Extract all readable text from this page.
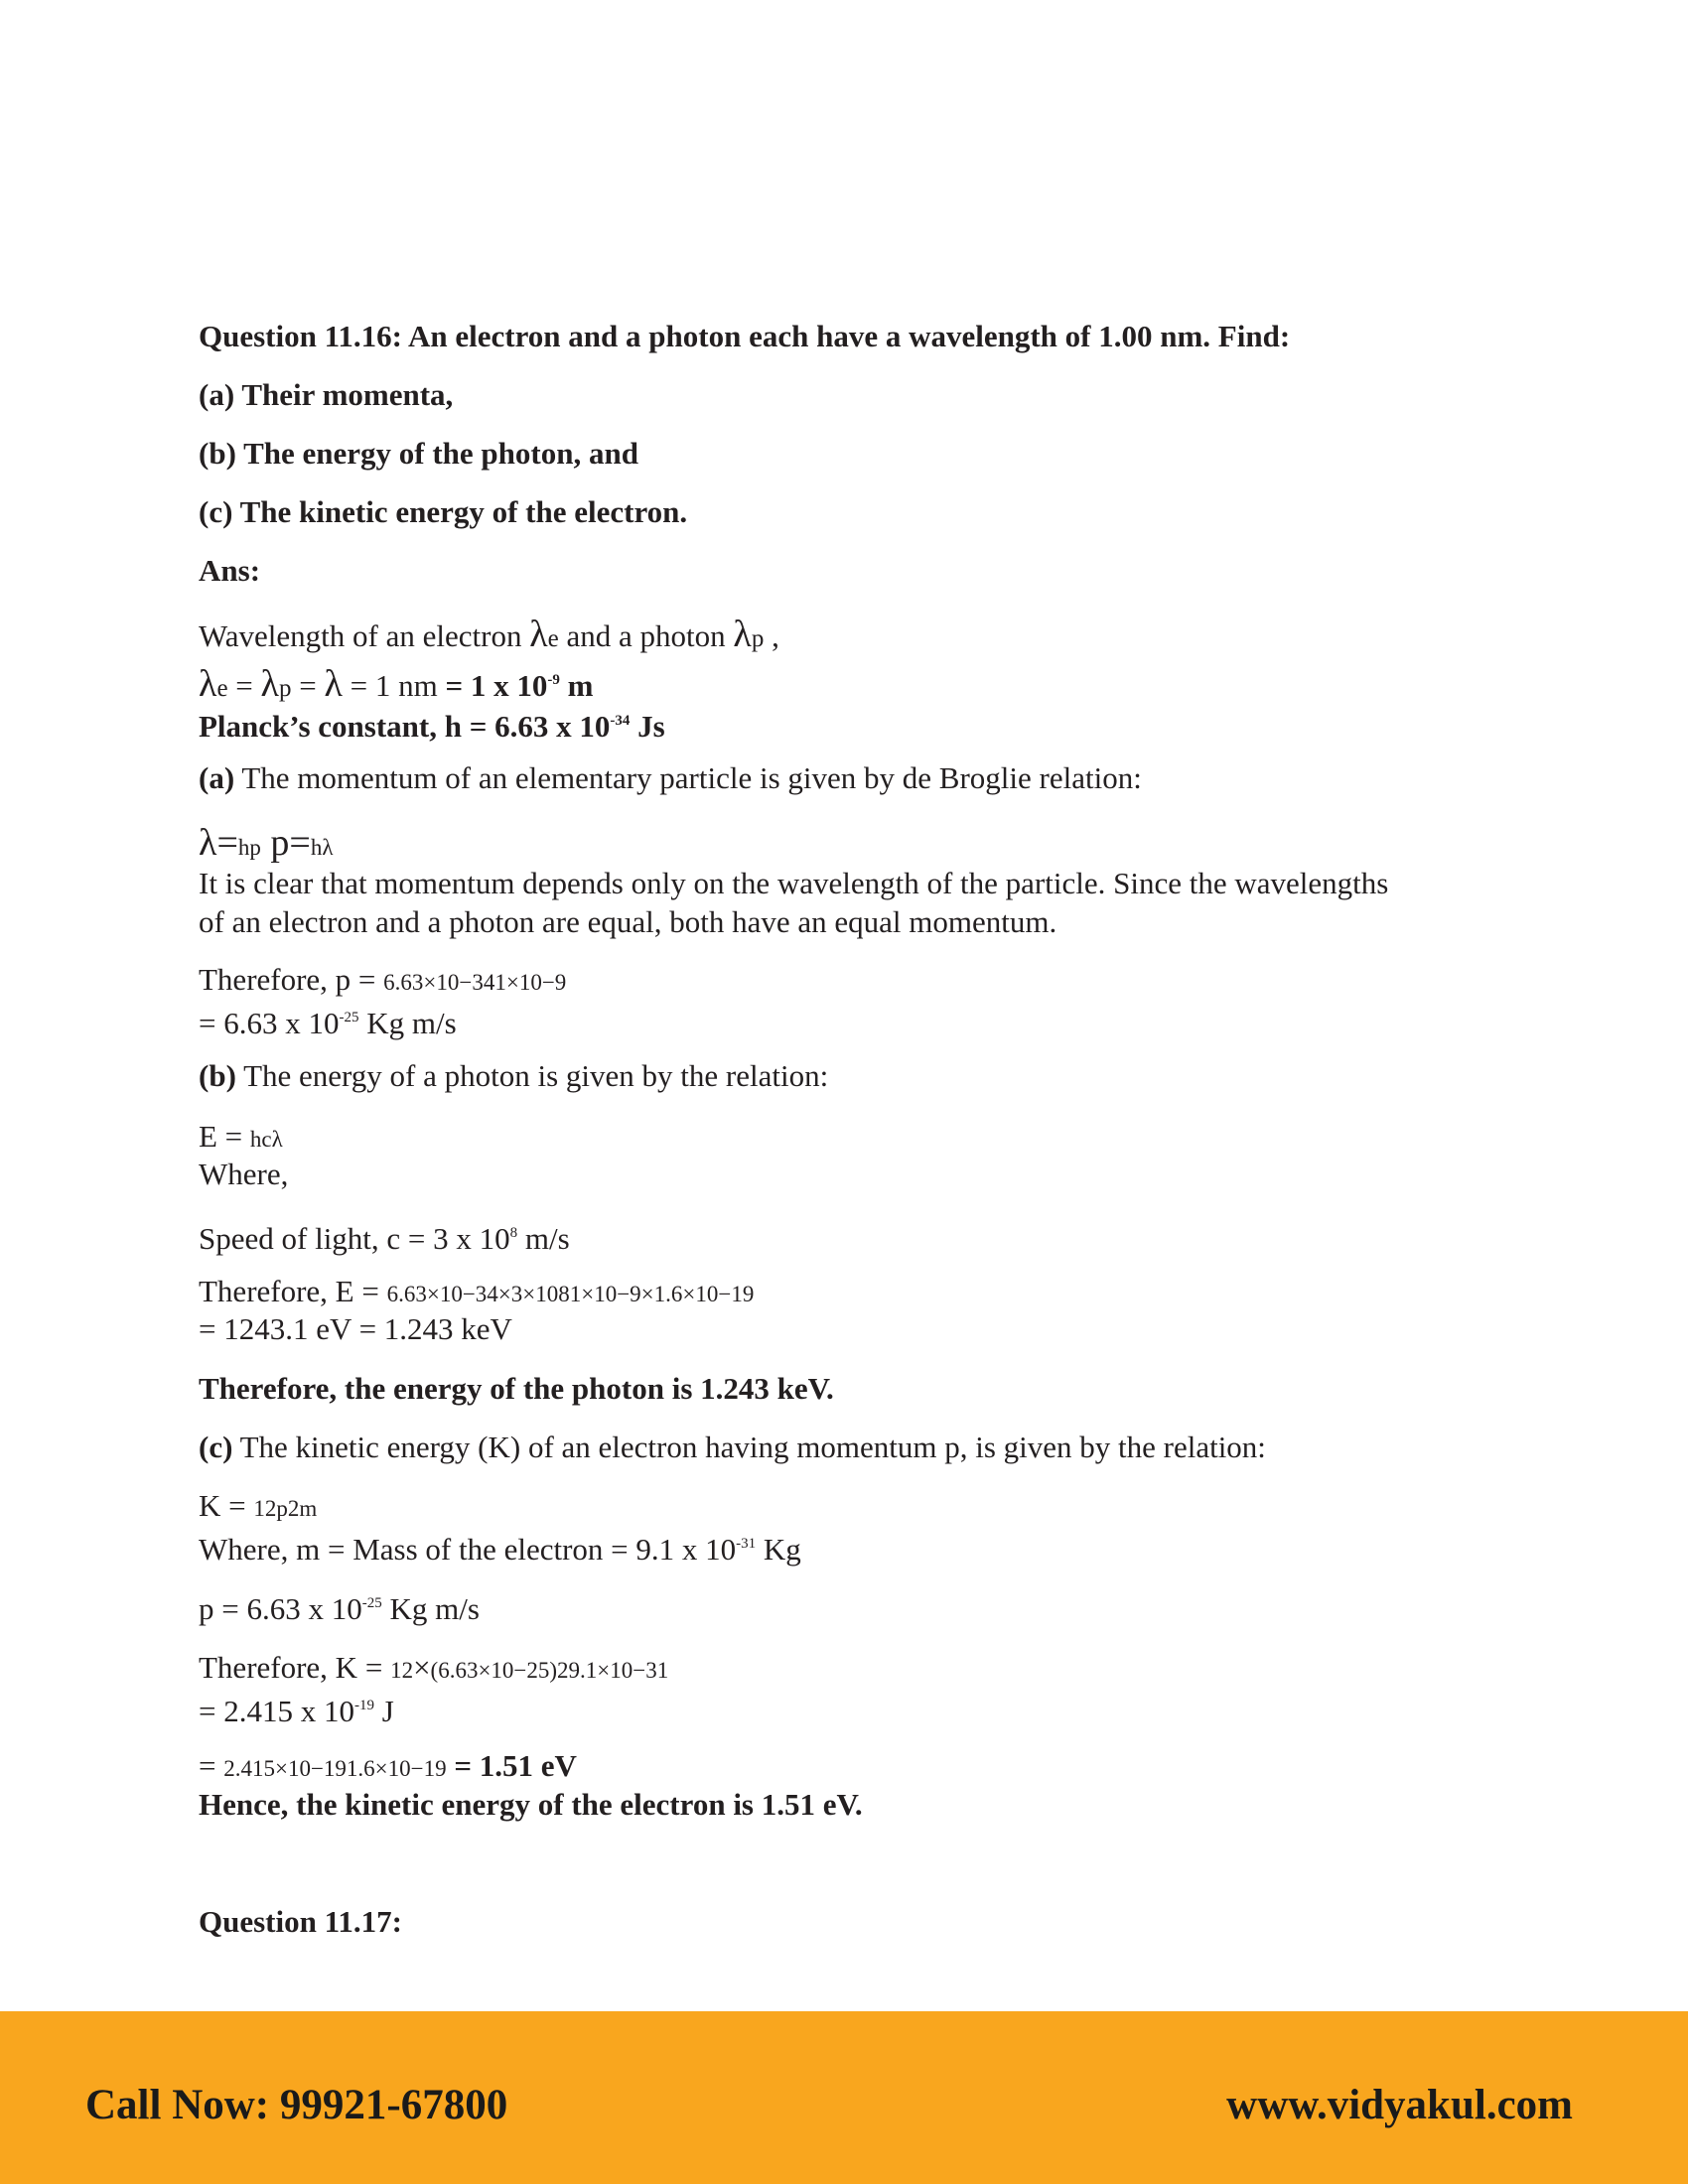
Question 11.16: An electron and a photon each have a wavelength of 1.00 nm. Find:
(a) Their momenta,
(b) The energy of the photon, and
(c) The kinetic energy of the electron.
Ans:
Wavelength of an electron λe and a photon λp ,
λe = λp = λ = 1 nm = 1 x $10^{-9}$ m
Planck’s constant, h = 6.63 x $10^{-34}$ Js
(a) The momentum of an elementary particle is given by de Broglie relation:
λ=hp p=hλ
It is clear that momentum depends only on the wavelength of the particle. Since the wavelengths
of an electron and a photon are equal, both have an equal momentum.
Therefore, p = 6.63×10−341×10−9
= 6.63 x $10^{-25}$ Kg m/s
(b) The energy of a photon is given by the relation:
E = hcλ
Where,
Speed of light, c = 3 x $10^8$ m/s
Therefore, E = 6.63×10−34×3×1081×10−9×1.6×10−19
= 1243.1 eV = 1.243 keV
Therefore, the energy of the photon is 1.243 keV.
(c) The kinetic energy (K) of an electron having momentum p, is given by the relation:
K = 12p2m
Where, m = Mass of the electron = 9.1 x $10^{-31}$ Kg
p = 6.63 x $10^{-25}$ Kg m/s
Therefore, K = 12×(6.63×10−25)29.1×10−31
= 2.415 x $10^{-19}$ J
= 2.415×10−191.6×10−19 = 1.51 eV
Hence, the kinetic energy of the electron is 1.51 eV.
Question 11.17:
Call Now: 99921-67800	www.vidyakul.com
